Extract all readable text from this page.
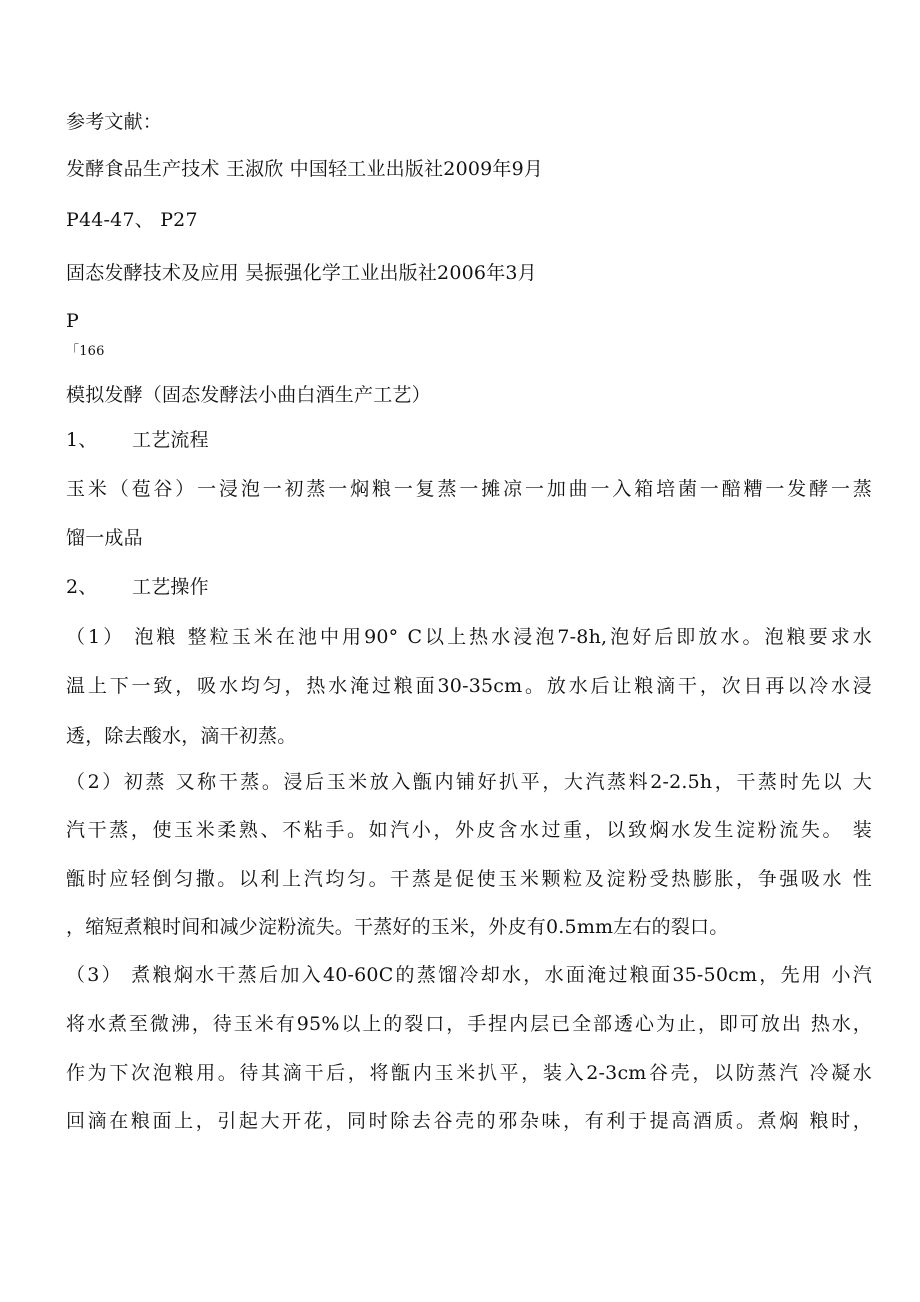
参考文献：
发酵食品生产技术 王淑欣 中国轻工业出版社2009年9月
P44-47、 P27
固态发酵技术及应用 吴振强化学工业出版社2006年3月
P
「166
模拟发酵（固态发酵法小曲白酒生产工艺）
1、 工艺流程
玉米（苞谷）一浸泡一初蒸一焖粮一复蒸一摊凉一加曲一入箱培菌一醅糟一发酵一蒸
馏一成品
2、 工艺操作
（1） 泡粮 整粒玉米在池中用90° C以上热水浸泡7-8h,泡好后即放水。泡粮要求水
温上下一致，吸水均匀，热水淹过粮面30-35cm。放水后让粮滴干，次日再以冷水浸
透，除去酸水，滴干初蒸。
（2）初蒸 又称干蒸。浸后玉米放入甑内铺好扒平，大汽蒸料2-2.5h，干蒸时先以 大
汽干蒸，使玉米柔熟、不粘手。如汽小，外皮含水过重，以致焖水发生淀粉流失。 装
甑时应轻倒匀撒。以利上汽均匀。干蒸是促使玉米颗粒及淀粉受热膨胀，争强吸水 性
，缩短煮粮时间和减少淀粉流失。干蒸好的玉米，外皮有0.5mm左右的裂口。
（3） 煮粮焖水干蒸后加入40-60C的蒸馏冷却水，水面淹过粮面35-50cm，先用 小汽
将水煮至微沸，待玉米有95%以上的裂口，手捏内层已全部透心为止，即可放出 热水，
作为下次泡粮用。待其滴干后，将甑内玉米扒平，装入2-3cm谷壳，以防蒸汽 冷凝水
回滴在粮面上，引起大开花，同时除去谷壳的邪杂味，有利于提高酒质。煮焖 粮时，
